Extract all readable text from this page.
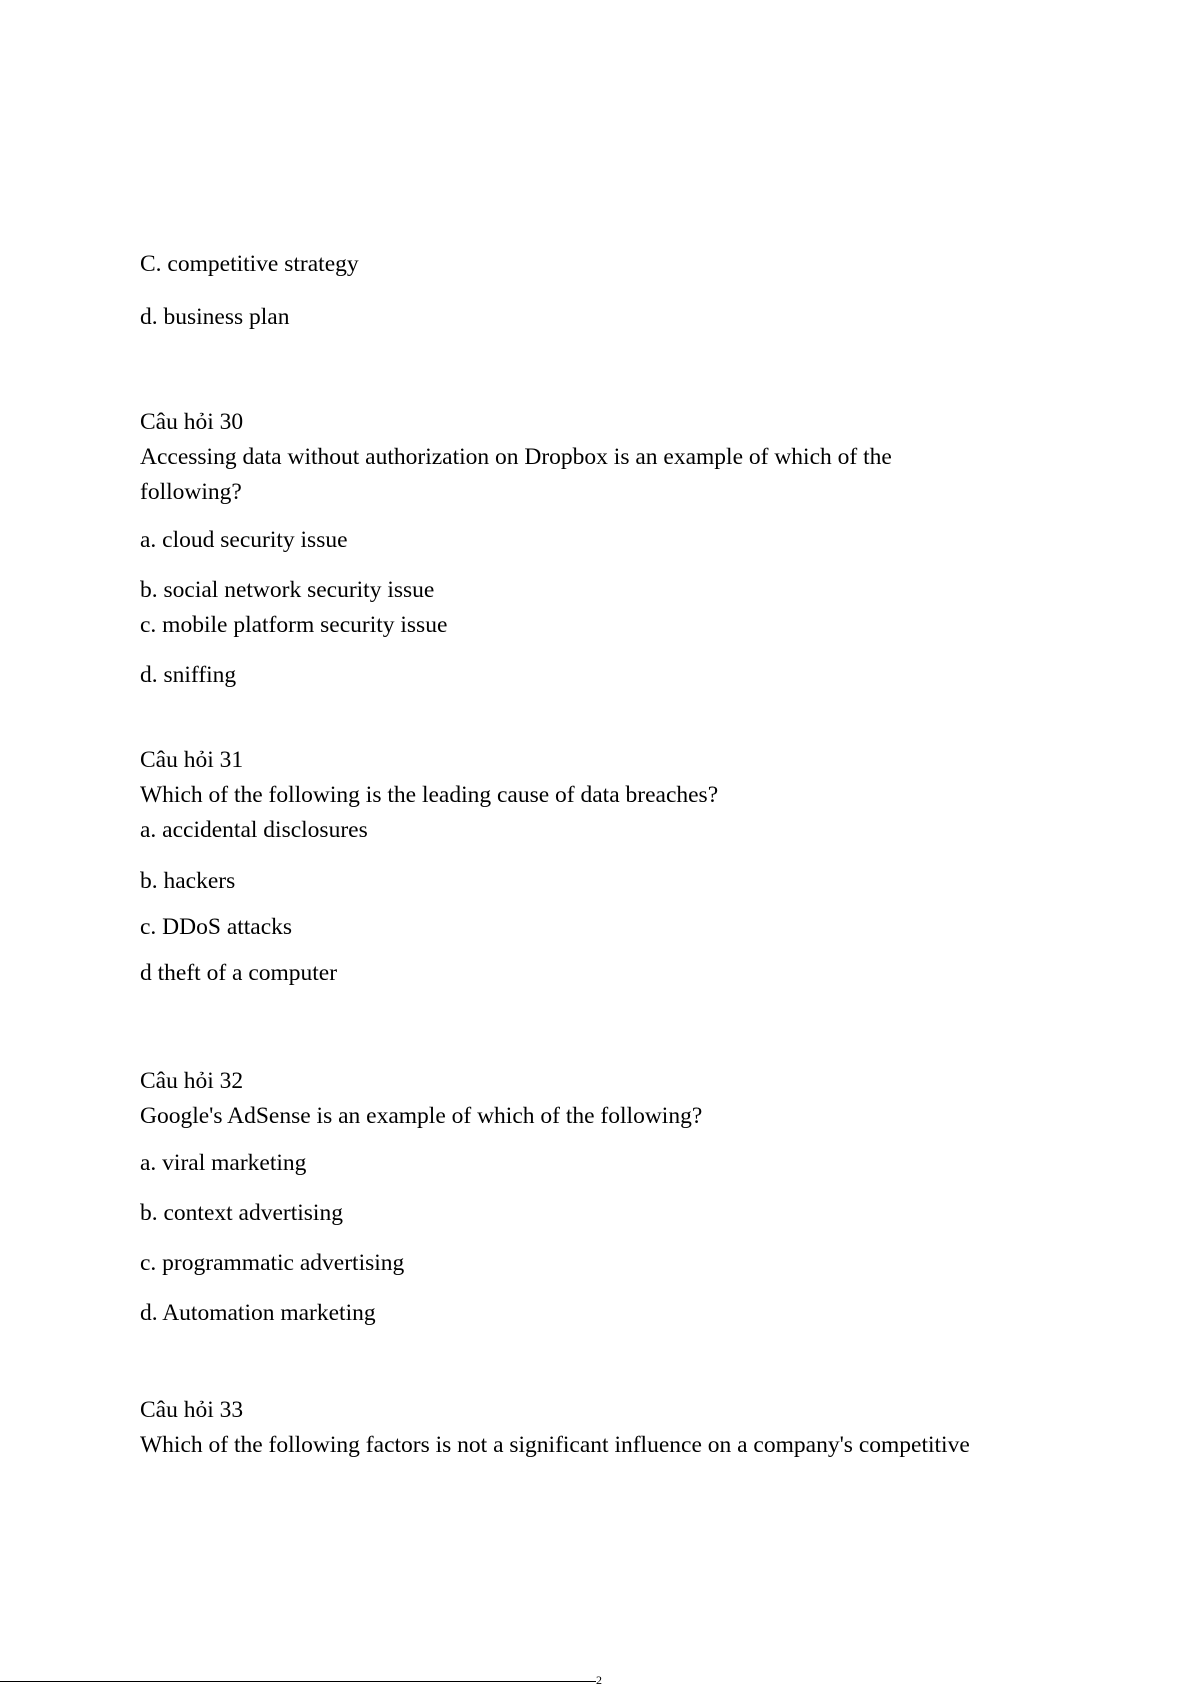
C. competitive strategy
d. business plan
Câu hỏi 30
Accessing data without authorization on Dropbox is an example of which of the
following?
a. cloud security issue
b. social network security issue
c. mobile platform security issue
d. sniffing
Câu hỏi 31
Which of the following is the leading cause of data breaches?
a. accidental disclosures
b. hackers
c. DDoS attacks
d theft of a computer
Câu hỏi 32
Google's AdSense is an example of which of the following?
a. viral marketing
b. context advertising
c. programmatic advertising
d. Automation marketing
Câu hỏi 33
Which of the following factors is not a significant influence on a company's competitive
2
